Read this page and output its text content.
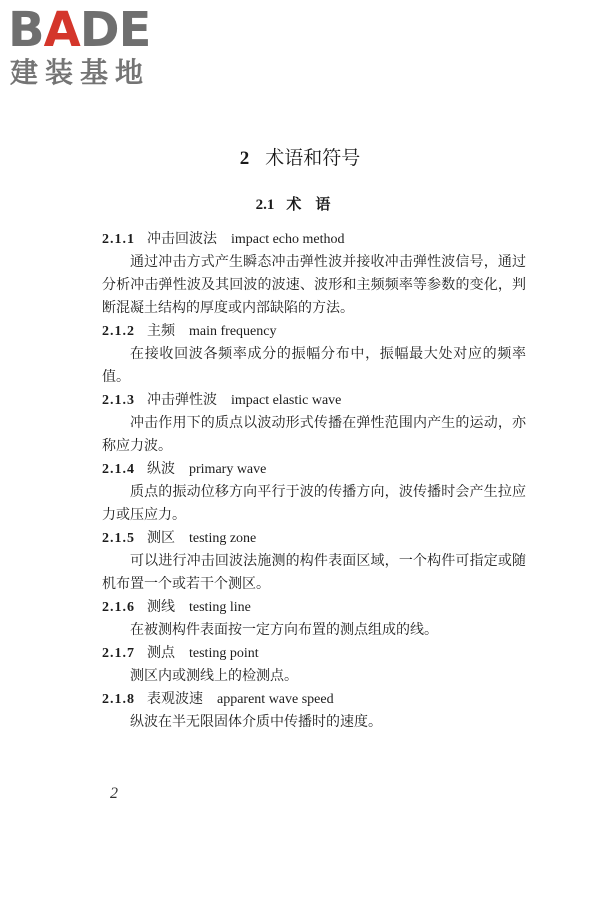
BADE
建装基地
2 术语和符号
2.1 术语
2.1.1 冲击回波法 impact echo method

通过冲击方式产生瞬态冲击弹性波并接收冲击弹性波信号，通过分析冲击弹性波及其回波的波速、波形和主频频率等参数的变化，判断混凝土结构的厚度或内部缺陷的方法。

2.1.2 主频 main frequency

在接收回波各频率成分的振幅分布中，振幅最大处对应的频率值。

2.1.3 冲击弹性波 impact elastic wave

冲击作用下的质点以波动形式传播在弹性范围内产生的运动，亦称应力波。

2.1.4 纵波 primary wave

质点的振动位移方向平行于波的传播方向，波传播时会产生拉应力或压应力。

2.1.5 测区 testing zone

可以进行冲击回波法施测的构件表面区域，一个构件可指定或随机布置一个或若干个测区。

2.1.6 测线 testing line

在被测构件表面按一定方向布置的测点组成的线。

2.1.7 测点 testing point

测区内或测线上的检测点。

2.1.8 表观波速 apparent wave speed

纵波在半无限固体介质中传播时的速度。

2
